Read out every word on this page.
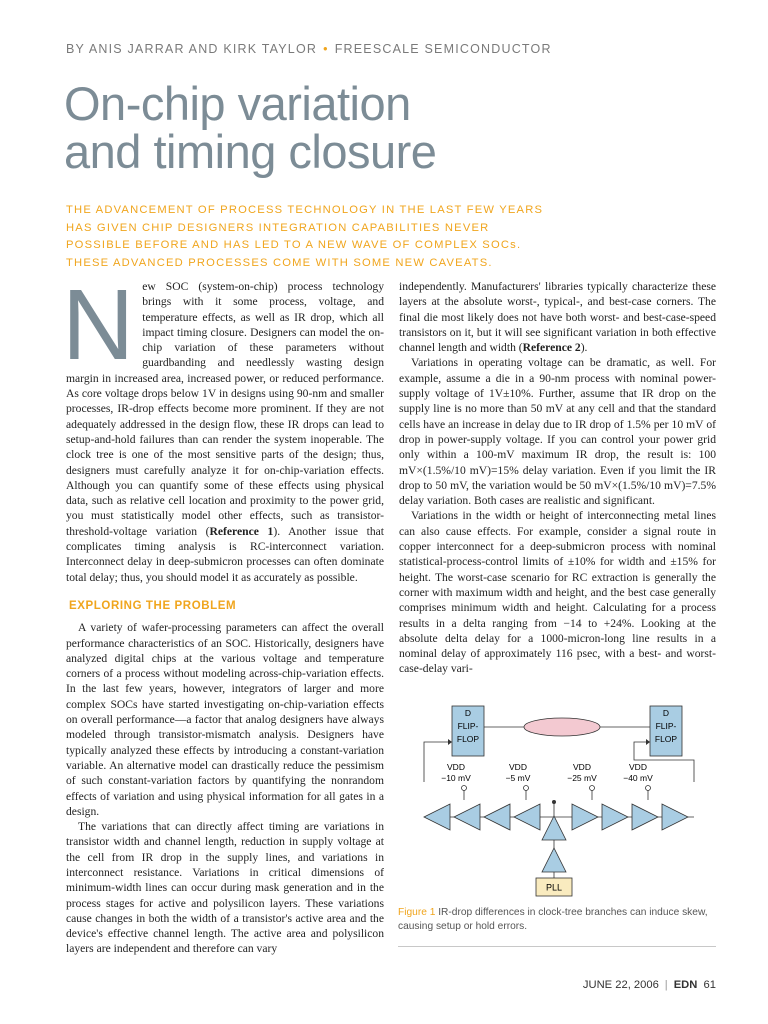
BY ANIS JARRAR AND KIRK TAYLOR • FREESCALE SEMICONDUCTOR
On-chip variation
and timing closure
THE ADVANCEMENT OF PROCESS TECHNOLOGY IN THE LAST FEW YEARS HAS GIVEN CHIP DESIGNERS INTEGRATION CAPABILITIES NEVER POSSIBLE BEFORE AND HAS LED TO A NEW WAVE OF COMPLEX SOCs. THESE ADVANCED PROCESSES COME WITH SOME NEW CAVEATS.

New SOC (system-on-chip) process technology brings with it some process, voltage, and temperature effects, as well as IR drop, which all impact timing closure. Designers can model the on-chip variation of these parameters without guardbanding and needlessly wasting design margin in increased area, increased power, or reduced performance. As core voltage drops below 1V in designs using 90-nm and smaller processes, IR-drop effects become more prominent. If they are not adequately addressed in the design flow, these IR drops can lead to setup-and-hold failures than can render the system inoperable. The clock tree is one of the most sensitive parts of the design; thus, designers must carefully analyze it for on-chip-variation effects. Although you can quantify some of these effects using physical data, such as relative cell location and proximity to the power grid, you must statistically model other effects, such as transistor-threshold-voltage variation (Reference 1). Another issue that complicates timing analysis is RC-interconnect variation. Interconnect delay in deep-submicron processes can often dominate total delay; thus, you should model it as accurately as possible.

EXPLORING THE PROBLEM

A variety of wafer-processing parameters can affect the overall performance characteristics of an SOC. Historically, designers have analyzed digital chips at the various voltage and temperature corners of a process without modeling across-chip-variation effects. In the last few years, however, integrators of larger and more complex SOCs have started investigating on-chip-variation effects on overall performance—a factor that analog designers have always modeled through transistor-mismatch analysis. Designers have typically analyzed these effects by introducing a constant-variation variable. An alternative model can drastically reduce the pessimism of such constant-variation factors by quantifying the nonrandom effects of variation and using physical information for all gates in a design.

The variations that can directly affect timing are variations in transistor width and channel length, reduction in supply voltage at the cell from IR drop in the supply lines, and variations in interconnect resistance. Variations in critical dimensions of minimum-width lines can occur during mask generation and in the process stages for active and polysilicon layers. These variations cause changes in both the width of a transistor's active area and the device's effective channel length. The active area and polysilicon layers are independent and therefore can vary

independently. Manufacturers' libraries typically characterize these layers at the absolute worst-, typical-, and best-case corners. The final die most likely does not have both worst- and best-case-speed transistors on it, but it will see significant variation in both effective channel length and width (Reference 2).

Variations in operating voltage can be dramatic, as well. For example, assume a die in a 90-nm process with nominal power-supply voltage of 1V±10%. Further, assume that IR drop on the supply line is no more than 50 mV at any cell and that the standard cells have an increase in delay due to IR drop of 1.5% per 10 mV of drop in power-supply voltage. If you can control your power grid only within a 100-mV maximum IR drop, the result is: 100 mV×(1.5%/10 mV)=15% delay variation. Even if you limit the IR drop to 50 mV, the variation would be 50 mV×(1.5%/10 mV)=7.5% delay variation. Both cases are realistic and significant.

Variations in the width or height of interconnecting metal lines can also cause effects. For example, consider a signal route in copper interconnect for a deep-submicron process with nominal statistical-process-control limits of ±10% for width and ±15% for height. The worst-case scenario for RC extraction is generally the corner with maximum width and height, and the best case generally comprises minimum width and height. Calculating for a process results in a delta ranging from −14 to +24%. Looking at the absolute delta delay for a 1000-micron-long line results in a nominal delay of approximately 116 psec, with a best- and worst-case-delay vari-

D
FLIP-
FLOP
D
FLIP-
FLOP
VDD
−10 mV
VDD
−5 mV
VDD
−25 mV
VDD
−40 mV
PLL
Figure 1 IR-drop differences in clock-tree branches can induce skew, causing setup or hold errors.
JUNE 22, 2006 | EDN 61
